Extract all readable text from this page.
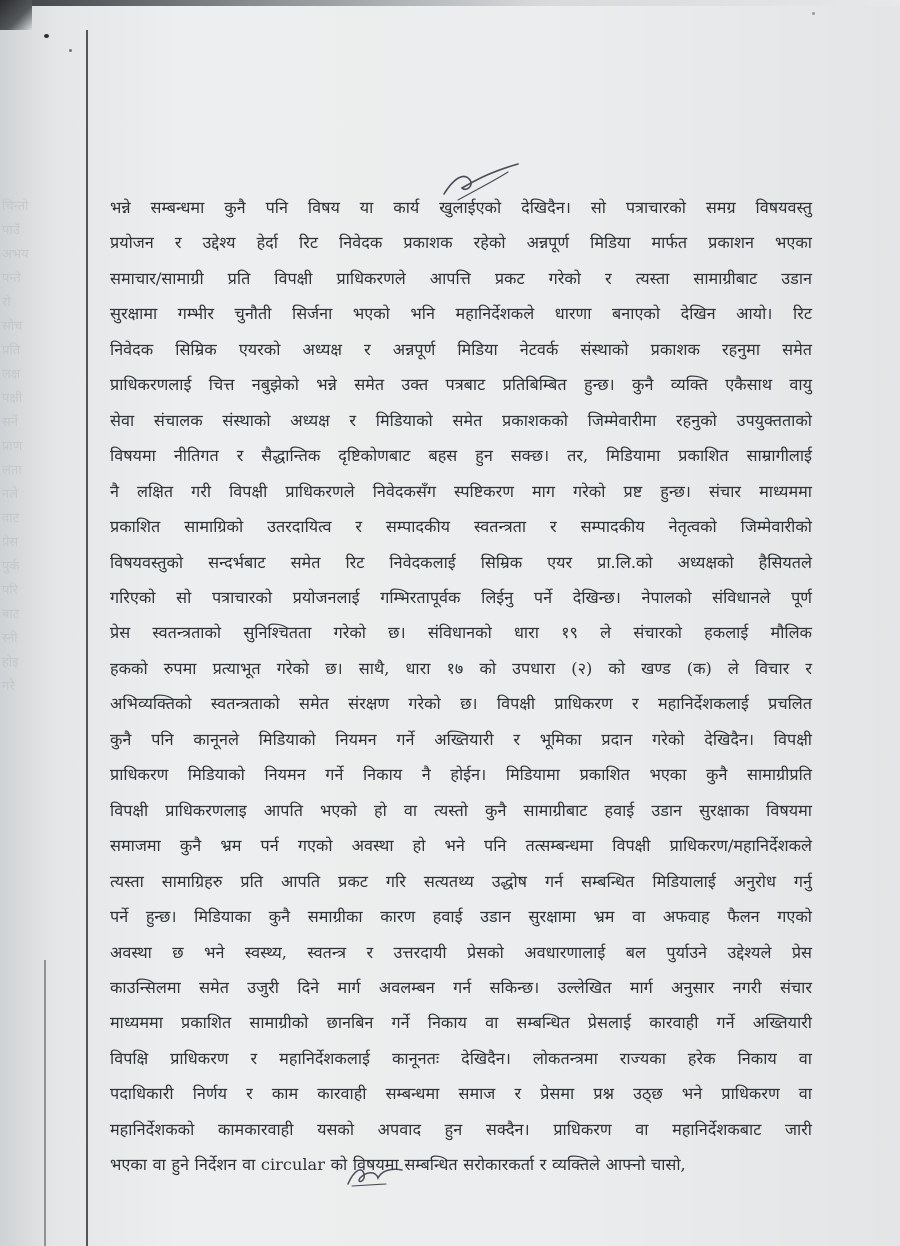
चिन्तो
पाउँ
अभय
पन्ते
रो
सोच
प्रति
लक्ष
पक्षी
सर्ने
प्राण
लता
नले
वाट
प्रेस
पुर्क
परि
बाट
स्नी
होइ
गरे
भन्ने सम्बन्धमा कुनै पनि विषय या कार्य खुलाईएको देखिदैन। सो पत्राचारको समग्र विषयवस्तु
प्रयोजन र उद्देश्य हेर्दा रिट निवेदक प्रकाशक रहेको अन्नपूर्ण मिडिया मार्फत प्रकाशन भएका
समाचार/सामाग्री प्रति विपक्षी प्राधिकरणले आपत्ति प्रकट गरेको र त्यस्ता सामाग्रीबाट उडान
सुरक्षामा गम्भीर चुनौती सिर्जना भएको भनि महानिर्देशकले धारणा बनाएको देखिन आयो। रिट
निवेदक सिम्रिक एयरको अध्यक्ष र अन्नपूर्ण मिडिया नेटवर्क संस्थाको प्रकाशक रहनुमा समेत
प्राधिकरणलाई चित्त नबुझेको भन्ने समेत उक्त पत्रबाट प्रतिबिम्बित हुन्छ। कुनै व्यक्ति एकैसाथ वायु
सेवा संचालक संस्थाको अध्यक्ष र मिडियाको समेत प्रकाशकको जिम्मेवारीमा रहनुको उपयुक्तताको
विषयमा नीतिगत र सैद्धान्तिक दृष्टिकोणबाट बहस हुन सक्छ। तर, मिडियामा प्रकाशित साम्रागीलाई
नै लक्षित गरी विपक्षी प्राधिकरणले निवेदकसँग स्पष्टिकरण माग गरेको प्रष्ट हुन्छ। संचार माध्यममा
प्रकाशित सामाग्रिको उतरदायित्व र सम्पादकीय स्वतन्त्रता र सम्पादकीय नेतृत्वको जिम्मेवारीको
विषयवस्तुको सन्दर्भबाट समेत रिट निवेदकलाई सिम्रिक एयर प्रा.लि.को अध्यक्षको हैसियतले
गरिएको सो पत्राचारको प्रयोजनलाई गम्भिरतापूर्वक लिईनु पर्ने देखिन्छ। नेपालको संविधानले पूर्ण
प्रेस स्वतन्त्रताको सुनिश्चितता गरेको छ। संविधानको धारा १९ ले संचारको हकलाई मौलिक
हकको रुपमा प्रत्याभूत गरेको छ। साथै, धारा १७ को उपधारा (२) को खण्ड (क) ले विचार र
अभिव्यक्तिको स्वतन्त्रताको समेत संरक्षण गरेको छ। विपक्षी प्राधिकरण र महानिर्देशकलाई प्रचलित
कुनै पनि कानूनले मिडियाको नियमन गर्ने अख्तियारी र भूमिका प्रदान गरेको देखिदैन। विपक्षी
प्राधिकरण मिडियाको नियमन गर्ने निकाय नै होईन। मिडियामा प्रकाशित भएका कुनै सामाग्रीप्रति
विपक्षी प्राधिकरणलाइ आपति भएको हो वा त्यस्तो कुनै सामाग्रीबाट हवाई उडान सुरक्षाका विषयमा
समाजमा कुनै भ्रम पर्न गएको अवस्था हो भने पनि तत्सम्बन्धमा विपक्षी प्राधिकरण/महानिर्देशकले
त्यस्ता सामाग्रिहरु प्रति आपति प्रकट गरि सत्यतथ्य उद्धोष गर्न सम्बन्धित मिडियालाई अनुरोध गर्नु
पर्ने हुन्छ। मिडियाका कुनै समाग्रीका कारण हवाई उडान सुरक्षामा भ्रम वा अफवाह फैलन गएको
अवस्था छ भने स्वस्थ्य, स्वतन्त्र र उत्तरदायी प्रेसको अवधारणालाई बल पुर्याउने उद्देश्यले प्रेस
काउन्सिलमा समेत उजुरी दिने मार्ग अवलम्बन गर्न सकिन्छ। उल्लेखित मार्ग अनुसार नगरी संचार
माध्यममा प्रकाशित सामाग्रीको छानबिन गर्ने निकाय वा सम्बन्धित प्रेसलाई कारवाही गर्ने अख्तियारी
विपक्षि प्राधिकरण र महानिर्देशकलाई कानूनतः देखिदैन। लोकतन्त्रमा राज्यका हरेक निकाय वा
पदाधिकारी निर्णय र काम कारवाही सम्बन्धमा समाज र प्रेसमा प्रश्न उठ्छ भने प्राधिकरण वा
महानिर्देशकको कामकारवाही यसको अपवाद हुन सक्दैन। प्राधिकरण वा महानिर्देशकबाट जारी
भएका वा हुने निर्देशन वा circular को विषयमा सम्बन्धित सरोकारकर्ता र व्यक्तिले आफ्नो चासो,
